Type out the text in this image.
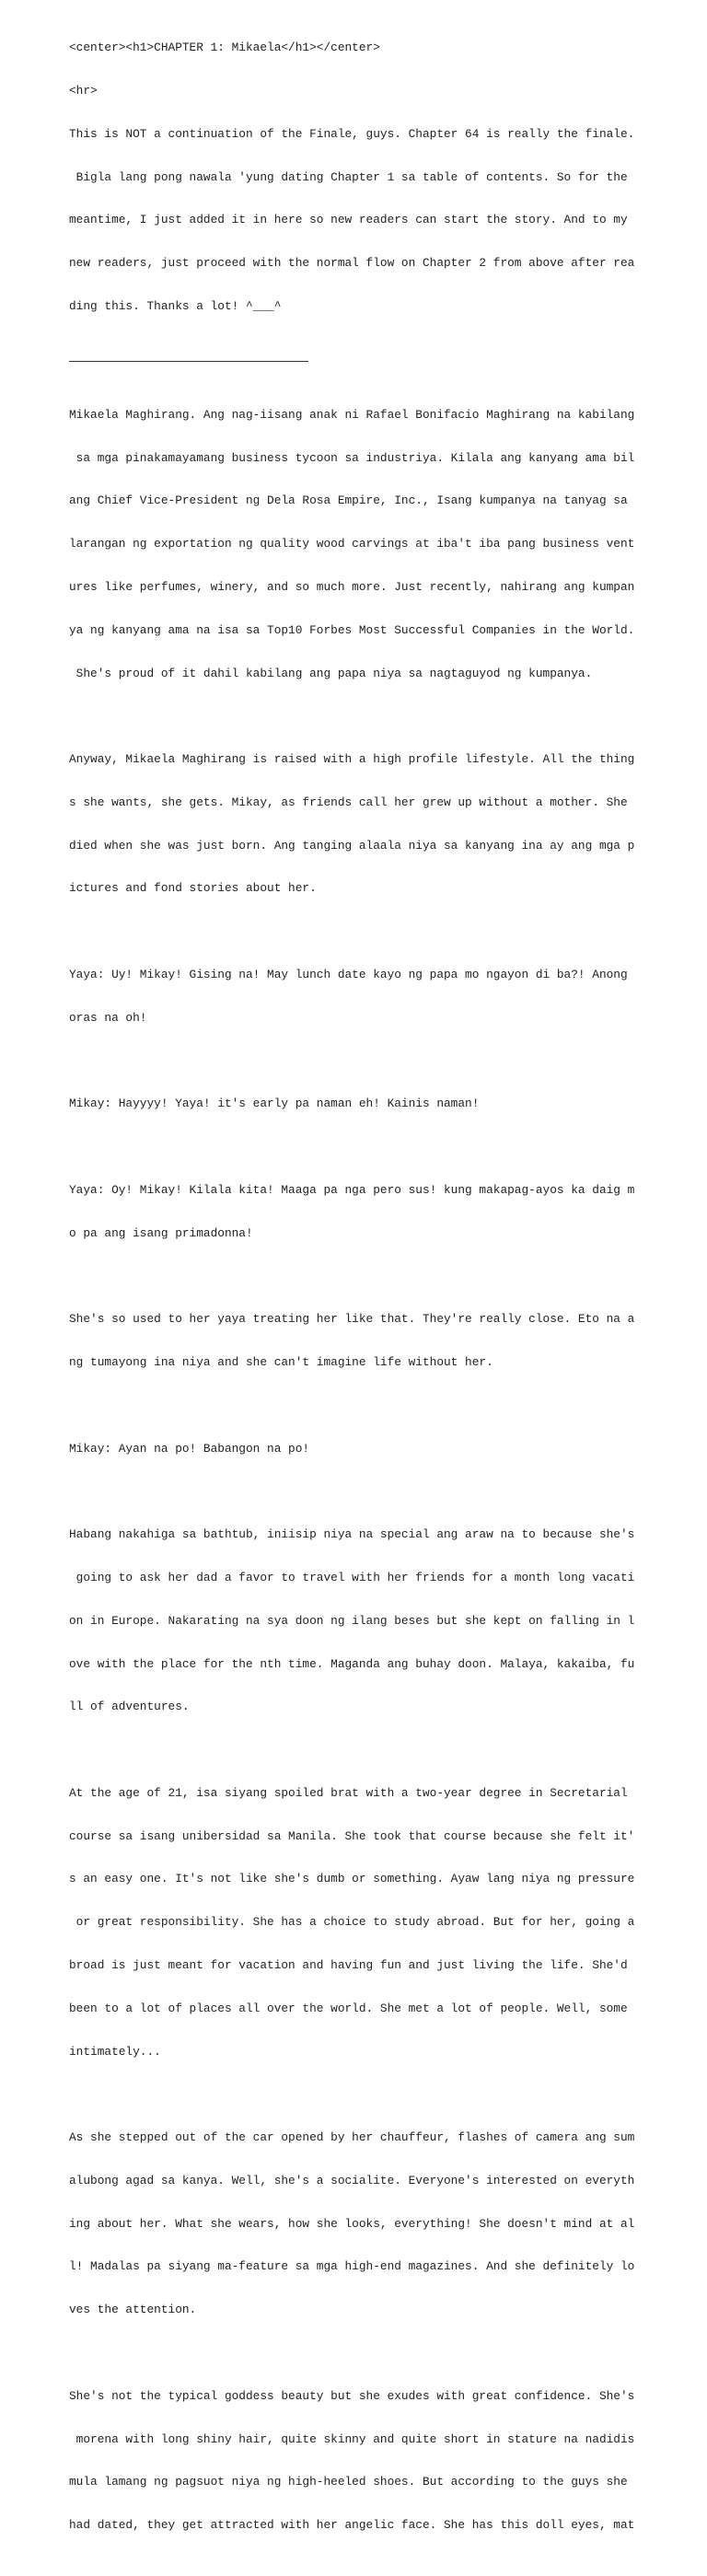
<center><h1>CHAPTER 1: Mikaela</h1></center>

<hr>

This is NOT a continuation of the Finale, guys. Chapter 64 is really the finale.

Bigla lang pong nawala 'yung dating Chapter 1 sa table of contents. So for the

meantime, I just added it in here so new readers can start the story. And to my

new readers, just proceed with the normal flow on Chapter 2 from above after rea

ding this. Thanks a lot! ^___^

Mikaela Maghirang. Ang nag-iisang anak ni Rafael Bonifacio Maghirang na kabilang

sa mga pinakamayamang business tycoon sa industriya. Kilala ang kanyang ama bil

ang Chief Vice-President ng Dela Rosa Empire, Inc., Isang kumpanya na tanyag sa

larangan ng exportation ng quality wood carvings at iba't iba pang business vent

ures like perfumes, winery, and so much more. Just recently, nahirang ang kumpan

ya ng kanyang ama na isa sa Top10 Forbes Most Successful Companies in the World.

She's proud of it dahil kabilang ang papa niya sa nagtaguyod ng kumpanya.

Anyway, Mikaela Maghirang is raised with a high profile lifestyle. All the thing

s she wants, she gets. Mikay, as friends call her grew up without a mother. She

died when she was just born. Ang tanging alaala niya sa kanyang ina ay ang mga p

ictures and fond stories about her.

Yaya: Uy! Mikay! Gising na! May lunch date kayo ng papa mo ngayon di ba?! Anong

oras na oh!

Mikay: Hayyyy! Yaya! it's early pa naman eh! Kainis naman!

Yaya: Oy! Mikay! Kilala kita! Maaga pa nga pero sus! kung makapag-ayos ka daig m

o pa ang isang primadonna!

She's so used to her yaya treating her like that. They're really close. Eto na a

ng tumayong ina niya and she can't imagine life without her.

Mikay: Ayan na po! Babangon na po!

Habang nakahiga sa bathtub, iniisip niya na special ang araw na to because she's

going to ask her dad a favor to travel with her friends for a month long vacati

on in Europe. Nakarating na sya doon ng ilang beses but she kept on falling in l

ove with the place for the nth time. Maganda ang buhay doon. Malaya, kakaiba, fu

ll of adventures.

At the age of 21, isa siyang spoiled brat with a two-year degree in Secretarial

course sa isang unibersidad sa Manila. She took that course because she felt it'

s an easy one. It's not like she's dumb or something. Ayaw lang niya ng pressure

or great responsibility. She has a choice to study abroad. But for her, going a

broad is just meant for vacation and having fun and just living the life. She'd

been to a lot of places all over the world. She met a lot of people. Well, some

intimately...

As she stepped out of the car opened by her chauffeur, flashes of camera ang sum

alubong agad sa kanya. Well, she's a socialite. Everyone's interested on everyth

ing about her. What she wears, how she looks, everything! She doesn't mind at al

l! Madalas pa siyang ma-feature sa mga high-end magazines. And she definitely lo

ves the attention.

She's not the typical goddess beauty but she exudes with great confidence. She's

morena with long shiny hair, quite skinny and quite short in stature na nadidis

mula lamang ng pagsuot niya ng high-heeled shoes. But according to the guys she

had dated, they get attracted with her angelic face. She has this doll eyes, mat
